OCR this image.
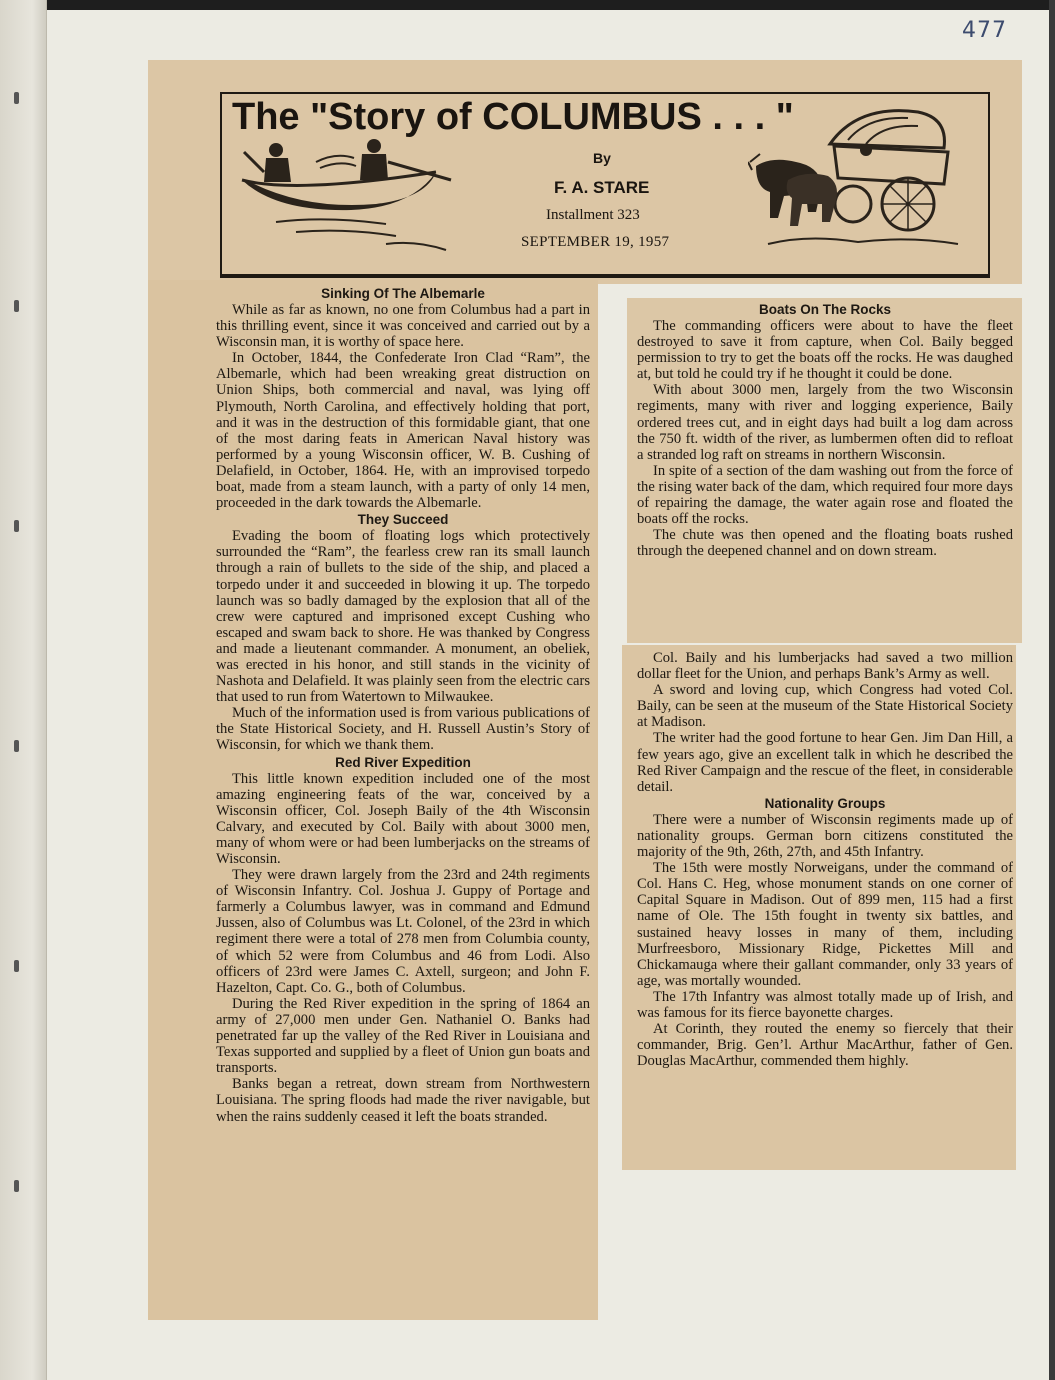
477
The "Story of COLUMBUS . . . "
By
F. A. STARE
Installment 323
SEPTEMBER 19, 1957
Sinking Of The Albemarle

While as far as known, no one from Columbus had a part in this thrilling event, since it was conceived and carried out by a Wisconsin man, it is worthy of space here.

In October, 1844, the Confederate Iron Clad “Ram”, the Albemarle, which had been wreaking great distruction on Union Ships, both commercial and naval, was lying off Plymouth, North Carolina, and effectively holding that port, and it was in the destruction of this formidable giant, that one of the most daring feats in American Naval history was performed by a young Wisconsin officer, W. B. Cushing of Delafield, in October, 1864. He, with an improvised torpedo boat, made from a steam launch, with a party of only 14 men, proceeded in the dark towards the Albemarle.

They Succeed

Evading the boom of floating logs which protectively surrounded the “Ram”, the fearless crew ran its small launch through a rain of bullets to the side of the ship, and placed a torpedo under it and succeeded in blowing it up. The torpedo launch was so badly damaged by the explosion that all of the crew were captured and imprisoned except Cushing who escaped and swam back to shore. He was thanked by Congress and made a lieutenant commander. A monument, an obeliek, was erected in his honor, and still stands in the vicinity of Nashota and Delafield. It was plainly seen from the electric cars that used to run from Watertown to Milwaukee.

Much of the information used is from various publications of the State Historical Society, and H. Russell Austin’s Story of Wisconsin, for which we thank them.

Red River Expedition

This little known expedition included one of the most amazing engineering feats of the war, conceived by a Wisconsin officer, Col. Joseph Baily of the 4th Wisconsin Calvary, and executed by Col. Baily with about 3000 men, many of whom were or had been lumberjacks on the streams of Wisconsin.

They were drawn largely from the 23rd and 24th regiments of Wisconsin Infantry. Col. Joshua J. Guppy of Portage and farmerly a Columbus lawyer, was in command and Edmund Jussen, also of Columbus was Lt. Colonel, of the 23rd in which regiment there were a total of 278 men from Columbia county, of which 52 were from Columbus and 46 from Lodi. Also officers of 23rd were James C. Axtell, surgeon; and John F. Hazelton, Capt. Co. G., both of Columbus.

During the Red River expedition in the spring of 1864 an army of 27,000 men under Gen. Nathaniel O. Banks had penetrated far up the valley of the Red River in Louisiana and Texas supported and supplied by a fleet of Union gun boats and transports.

Banks began a retreat, down stream from Northwestern Louisiana. The spring floods had made the river navigable, but when the rains suddenly ceased it left the boats stranded.

Boats On The Rocks

The commanding officers were about to have the fleet destroyed to save it from capture, when Col. Baily begged permission to try to get the boats off the rocks. He was daughed at, but told he could try if he thought it could be done.

With about 3000 men, largely from the two Wisconsin regiments, many with river and logging experience, Baily ordered trees cut, and in eight days had built a log dam across the 750 ft. width of the river, as lumbermen often did to refloat a stranded log raft on streams in northern Wisconsin.

In spite of a section of the dam washing out from the force of the rising water back of the dam, which required four more days of repairing the damage, the water again rose and floated the boats off the rocks.

The chute was then opened and the floating boats rushed through the deepened channel and on down stream.

Col. Baily and his lumberjacks had saved a two million dollar fleet for the Union, and perhaps Bank’s Army as well.

A sword and loving cup, which Congress had voted Col. Baily, can be seen at the museum of the State Historical Society at Madison.

The writer had the good fortune to hear Gen. Jim Dan Hill, a few years ago, give an excellent talk in which he described the Red River Campaign and the rescue of the fleet, in considerable detail.

Nationality Groups

There were a number of Wisconsin regiments made up of nationality groups. German born citizens constituted the majority of the 9th, 26th, 27th, and 45th Infantry.

The 15th were mostly Norweigans, under the command of Col. Hans C. Heg, whose monument stands on one corner of Capital Square in Madison. Out of 899 men, 115 had a first name of Ole. The 15th fought in twenty six battles, and sustained heavy losses in many of them, including Murfreesboro, Missionary Ridge, Pickettes Mill and Chickamauga where their gallant commander, only 33 years of age, was mortally wounded.

The 17th Infantry was almost totally made up of Irish, and was famous for its fierce bayonette charges.

At Corinth, they routed the enemy so fiercely that their commander, Brig. Gen’l. Arthur MacArthur, father of Gen. Douglas MacArthur, commended them highly.
